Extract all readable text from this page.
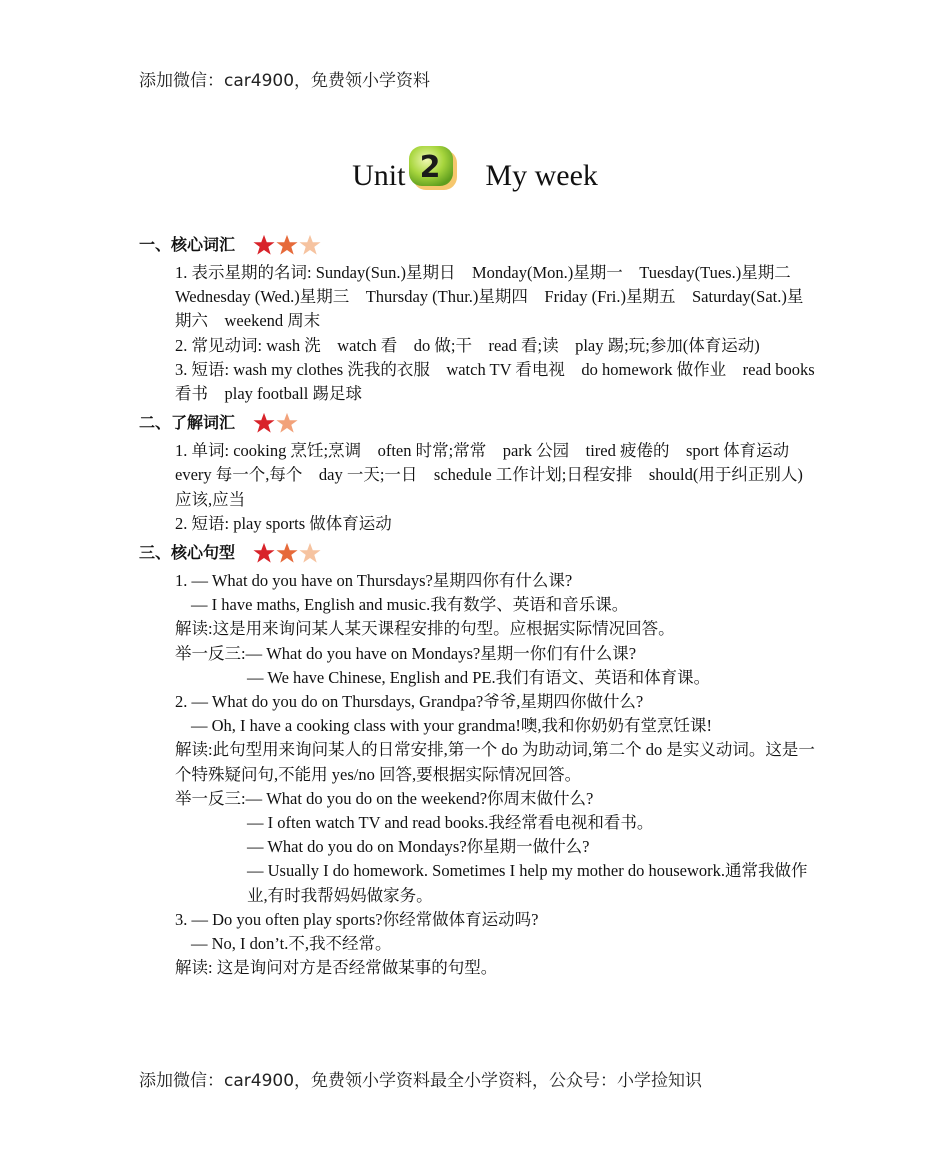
添加微信：car4900，免费领小学资料
Unit 2 My week
一、核心词汇

1. 表示星期的名词: Sunday(Sun.)星期日　Monday(Mon.)星期一　Tuesday(Tues.)星期二　Wednesday (Wed.)星期三　Thursday (Thur.)星期四　Friday (Fri.)星期五　Saturday(Sat.)星期六　weekend 周末

2. 常见动词: wash 洗　watch 看　do 做;干　read 看;读　play 踢;玩;参加(体育运动)

3. 短语: wash my clothes 洗我的衣服　watch TV 看电视　do homework 做作业　read books 看书　play football 踢足球

二、了解词汇

1. 单词: cooking 烹饪;烹调　often 时常;常常　park 公园　tired 疲倦的　sport 体育运动　every 每一个,每个　day 一天;一日　schedule 工作计划;日程安排　should(用于纠正别人)应该,应当

2. 短语: play sports 做体育运动

三、核心句型

1. — What do you have on Thursdays?星期四你有什么课?

— I have maths, English and music.我有数学、英语和音乐课。

解读:这是用来询问某人某天课程安排的句型。应根据实际情况回答。

举一反三:— What do you have on Mondays?星期一你们有什么课?

— We have Chinese, English and PE.我们有语文、英语和体育课。

2. — What do you do on Thursdays, Grandpa?爷爷,星期四你做什么?

— Oh, I have a cooking class with your grandma!噢,我和你奶奶有堂烹饪课!

解读:此句型用来询问某人的日常安排,第一个 do 为助动词,第二个 do 是实义动词。这是一个特殊疑问句,不能用 yes/no 回答,要根据实际情况回答。

举一反三:— What do you do on the weekend?你周末做什么?

— I often watch TV and read books.我经常看电视和看书。

— What do you do on Mondays?你星期一做什么?

— Usually I do homework. Sometimes I help my mother do housework.通常我做作业,有时我帮妈妈做家务。

3. — Do you often play sports?你经常做体育运动吗?

— No, I don’t.不,我不经常。

解读: 这是询问对方是否经常做某事的句型。

添加微信：car4900，免费领小学资料最全小学资料，公众号：小学捡知识
